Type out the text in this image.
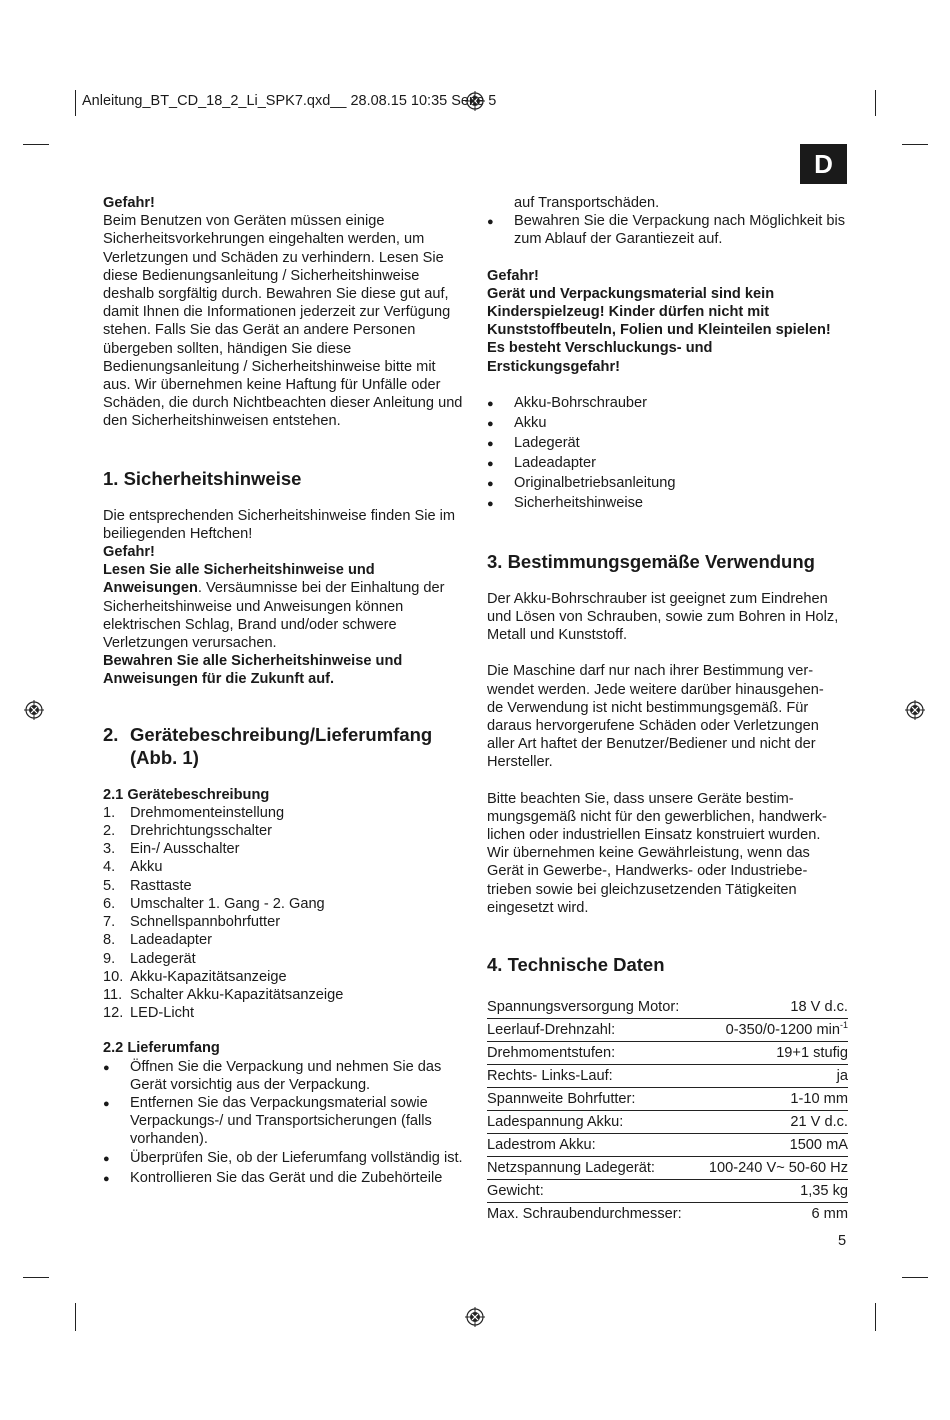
Anleitung_BT_CD_18_2_Li_SPK7.qxd__ 28.08.15 10:35 Seite 5
D

Gefahr!

Beim Benutzen von Geräten müssen einige Sicherheitsvorkehrungen eingehalten werden, um Verletzungen und Schäden zu verhindern. Lesen Sie diese Bedienungsanleitung / Sicherheitshinweise deshalb sorgfältig durch. Bewahren Sie diese gut auf, damit Ihnen die Informationen jederzeit zur Verfügung stehen. Falls Sie das Gerät an andere Personen übergeben sollten, händigen Sie diese Bedienungsanleitung / Sicherheitshinweise bitte mit aus. Wir übernehmen keine Haftung für Unfälle oder Schäden, die durch Nichtbeachten dieser Anleitung und den Sicherheitshinweisen entstehen.

1. Sicherheitshinweise

Die entsprechenden Sicherheitshinweise finden Sie im beiliegenden Heftchen!

Gefahr!

Lesen Sie alle Sicherheitshinweise und Anweisungen. Versäumnisse bei der Einhaltung der Sicherheitshinweise und Anweisungen können elektrischen Schlag, Brand und/oder schwere Verletzungen verursachen.

Bewahren Sie alle Sicherheitshinweise und Anweisungen für die Zukunft auf.

2. Gerätebeschreibung/Lieferumfang
(Abb. 1)
2.1 Gerätebeschreibung
1.	Drehmomenteinstellung
2.	Drehrichtungsschalter
3.	Ein-/ Ausschalter
4.	Akku
5.	Rasttaste
6.	Umschalter 1. Gang - 2. Gang
7.	Schnellspannbohrfutter
8.	Ladeadapter
9.	Ladegerät
10. Akku-Kapazitätsanzeige
11. Schalter Akku-Kapazitätsanzeige
12. LED-Licht
2.2 Lieferumfang
●	Öffnen Sie die Verpackung und nehmen Sie das Gerät vorsichtig aus der Verpackung.
●	Entfernen Sie das Verpackungsmaterial sowie Verpackungs-/ und Transportsicherungen (falls vorhanden).
●	Überprüfen Sie, ob der Lieferumfang vollständig ist.
●	Kontrollieren Sie das Gerät und die Zubehörteile

auf Transportschäden.

●	Bewahren Sie die Verpackung nach Möglichkeit bis zum Ablauf der Garantiezeit auf.

Gefahr!

Gerät und Verpackungsmaterial sind kein Kinderspielzeug! Kinder dürfen nicht mit Kunststoffbeuteln, Folien und Kleinteilen spielen! Es besteht Verschluckungs- und Erstickungsgefahr!

●	Akku-Bohrschrauber
●	Akku
●	Ladegerät
●	Ladeadapter
●	Originalbetriebsanleitung
●	Sicherheitshinweise
3. Bestimmungsgemäße Verwendung

Der Akku-Bohrschrauber ist geeignet zum Eindrehen und Lösen von Schrauben, sowie zum Bohren in Holz, Metall und Kunststoff.

Die Maschine darf nur nach ihrer Bestimmung ver-
wendet werden. Jede weitere darüber hinausgehen-
de Verwendung ist nicht bestimmungsgemäß. Für
daraus hervorgerufene Schäden oder Verletzungen
aller Art haftet der Benutzer/Bediener und nicht der
Hersteller.
Bitte beachten Sie, dass unsere Geräte bestim-
mungsgemäß nicht für den gewerblichen, handwerk-
lichen oder industriellen Einsatz konstruiert wurden.
Wir übernehmen keine Gewährleistung, wenn das
Gerät in Gewerbe-, Handwerks- oder Industriebe-
trieben sowie bei gleichzusetzenden Tätigkeiten
eingesetzt wird.
4. Technische Daten
Spannungsversorgung Motor:	18 V d.c.
Leerlauf-Drehnzahl:	0-350/0-1200 $\min^{-1}$
Drehmomentstufen:	19+1 stufig
Rechts- Links-Lauf:	ja
Spannweite Bohrfutter:	1-10 mm
Ladespannung Akku:	21 V d.c.
Ladestrom Akku:	1500 mA
Netzspannung Ladegerät:	100-240 V~ 50-60 Hz
Gewicht:	1,35 kg
Max. Schraubendurchmesser:	6 mm
5
